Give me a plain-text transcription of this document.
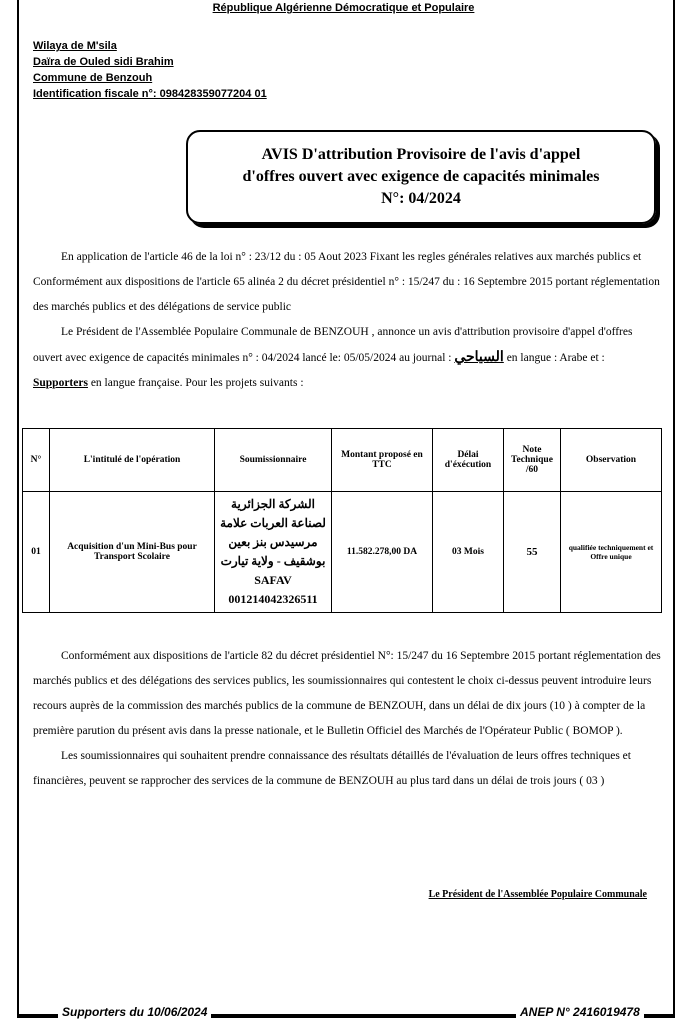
République Algérienne Démocratique et Populaire
Wilaya de M'sila
Daïra de Ouled sidi Brahim
Commune de Benzouh
Identification fiscale n°: 098428359077204 01
AVIS D'attribution Provisoire de l'avis d'appel
d'offres ouvert avec exigence de capacités minimales
N°: 04/2024

En application de l'article 46 de la loi n° : 23/12 du : 05 Aout 2023 Fixant les regles générales relatives aux marchés publics et Conformément aux dispositions de l'article 65 alinéa 2 du décret présidentiel n° : 15/247 du : 16 Septembre 2015 portant réglementation des marchés publics et des délégations de service public

Le Président de l'Assemblée Populaire Communale de BENZOUH , annonce un avis d'attribution provisoire d'appel d'offres ouvert avec exigence de capacités minimales n° : 04/2024 lancé le: 05/05/2024 au journal : السياحي en langue : Arabe et : Supporters en langue française. Pour les projets suivants :

N°	L'intitulé de l'opération	Soumissionnaire	Montant proposé en TTC	Délai d'éxécution	Note Technique /60	Observation
01	Acquisition d'un Mini-Bus pour Transport Scolaire	الشركة الجزائرية لصناعة العربات علامة مرسيدس بنز بعين بوشقيف - ولاية تيارت
SAFAV
001214042326511	11.582.278,00 DA	03 Mois	55	qualifiée techniquement et Offre unique

Conformément aux dispositions de l'article 82 du décret présidentiel N°: 15/247 du 16 Septembre 2015 portant réglementation des marchés publics et des délégations des services publics, les soumissionnaires qui contestent le choix ci-dessus peuvent introduire leurs recours auprès de la commission des marchés publics de la commune de BENZOUH, dans un délai de dix jours (10 ) à compter de la première parution du présent avis dans la presse nationale, et le Bulletin Officiel des Marchés de l'Opérateur Public ( BOMOP ).

Les soumissionnaires qui souhaitent prendre connaissance des résultats détaillés de l'évaluation de leurs offres techniques et financières, peuvent se rapprocher des services de la commune de BENZOUH au plus tard dans un délai de trois jours ( 03 )

Le Président de l'Assemblée Populaire Communale
Supporters du 10/06/2024	ANEP N° 2416019478
